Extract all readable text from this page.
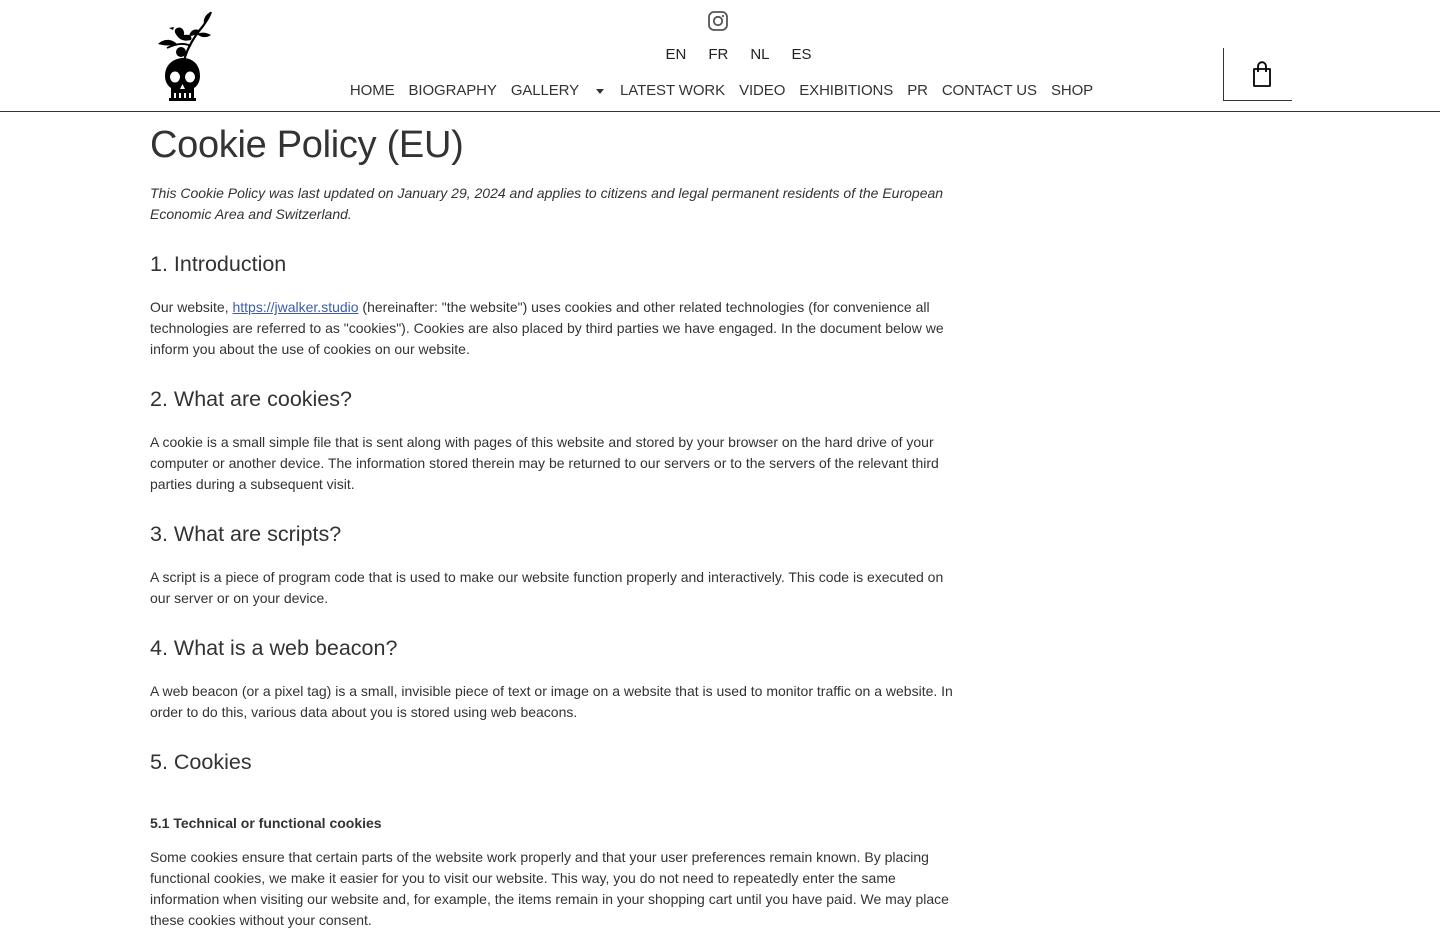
EN	FR	NL	ES
HOME BIOGRAPHY GALLERY	LATEST WORK VIDEO EXHIBITIONS PR CONTACT US SHOP
Cookie Policy (EU)

This Cookie Policy was last updated on January 29, 2024 and applies to citizens and legal permanent residents of the European Economic Area and Switzerland.

1. Introduction

Our website, https://jwalker.studio (hereinafter: "the website") uses cookies and other related technologies (for convenience all technologies are referred to as "cookies"). Cookies are also placed by third parties we have engaged. In the document below we inform you about the use of cookies on our website.

2. What are cookies?

A cookie is a small simple file that is sent along with pages of this website and stored by your browser on the hard drive of your computer or another device. The information stored therein may be returned to our servers or to the servers of the relevant third parties during a subsequent visit.

3. What are scripts?

A script is a piece of program code that is used to make our website function properly and interactively. This code is executed on our server or on your device.

4. What is a web beacon?

A web beacon (or a pixel tag) is a small, invisible piece of text or image on a website that is used to monitor traffic on a website. In order to do this, various data about you is stored using web beacons.

5. Cookies
5.1 Technical or functional cookies

Some cookies ensure that certain parts of the website work properly and that your user preferences remain known. By placing functional cookies, we make it easier for you to visit our website. This way, you do not need to repeatedly enter the same information when visiting our website and, for example, the items remain in your shopping cart until you have paid. We may place these cookies without your consent.
